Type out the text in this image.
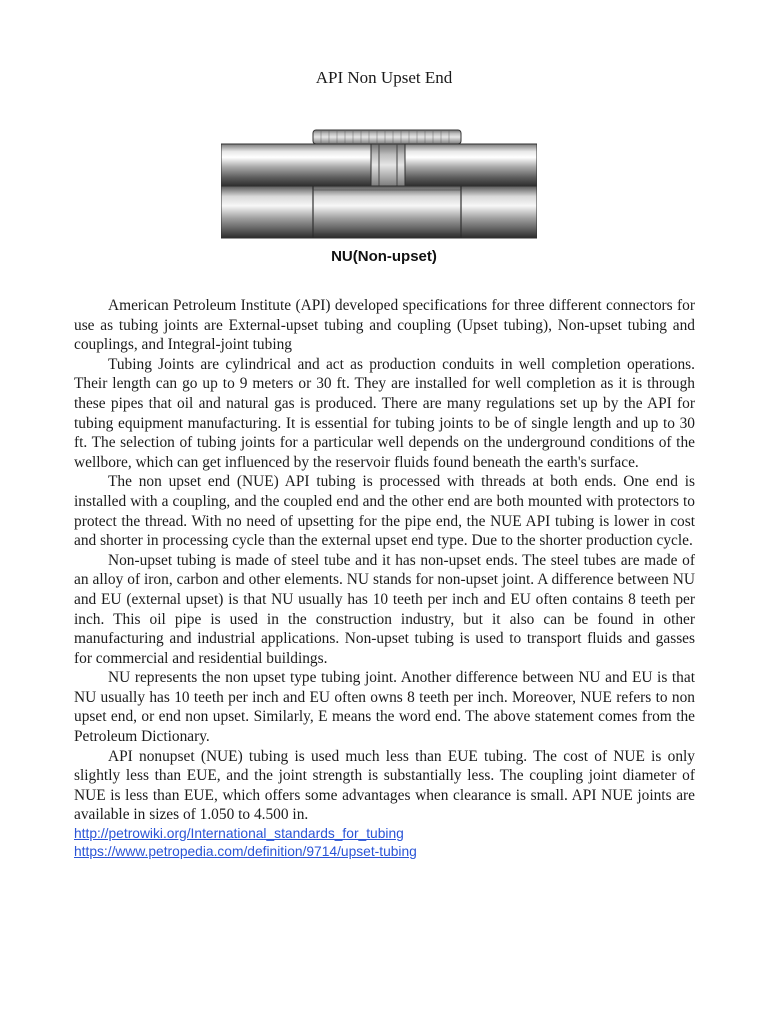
API Non Upset End
NU(Non-upset)

American Petroleum Institute (API) developed specifications for three different connectors for use as tubing joints are External-upset tubing and coupling (Upset tubing), Non-upset tubing and couplings, and Integral-joint tubing

Tubing Joints are cylindrical and act as production conduits in well completion operations. Their length can go up to 9 meters or 30 ft. They are installed for well completion as it is through these pipes that oil and natural gas is produced. There are many regulations set up by the API for tubing equipment manufacturing. It is essential for tubing joints to be of single length and up to 30 ft. The selection of tubing joints for a particular well depends on the underground conditions of the wellbore, which can get influenced by the reservoir fluids found beneath the earth's surface.

The non upset end (NUE) API tubing is processed with threads at both ends. One end is installed with a coupling, and the coupled end and the other end are both mounted with protectors to protect the thread. With no need of upsetting for the pipe end, the NUE API tubing is lower in cost and shorter in processing cycle than the external upset end type. Due to the shorter production cycle.

Non-upset tubing is made of steel tube and it has non-upset ends. The steel tubes are made of an alloy of iron, carbon and other elements. NU stands for non-upset joint. A difference between NU and EU (external upset) is that NU usually has 10 teeth per inch and EU often contains 8 teeth per inch. This oil pipe is used in the construction industry, but it also can be found in other manufacturing and industrial applications. Non-upset tubing is used to transport fluids and gasses for commercial and residential buildings.

NU represents the non upset type tubing joint. Another difference between NU and EU is that NU usually has 10 teeth per inch and EU often owns 8 teeth per inch. Moreover, NUE refers to non upset end, or end non upset. Similarly, E means the word end. The above statement comes from the Petroleum Dictionary.

API nonupset (NUE) tubing is used much less than EUE tubing. The cost of NUE is only slightly less than EUE, and the joint strength is substantially less. The coupling joint diameter of NUE is less than EUE, which offers some advantages when clearance is small. API NUE joints are available in sizes of 1.050 to 4.500 in.

http://petrowiki.org/International_standards_for_tubing
https://www.petropedia.com/definition/9714/upset-tubing
